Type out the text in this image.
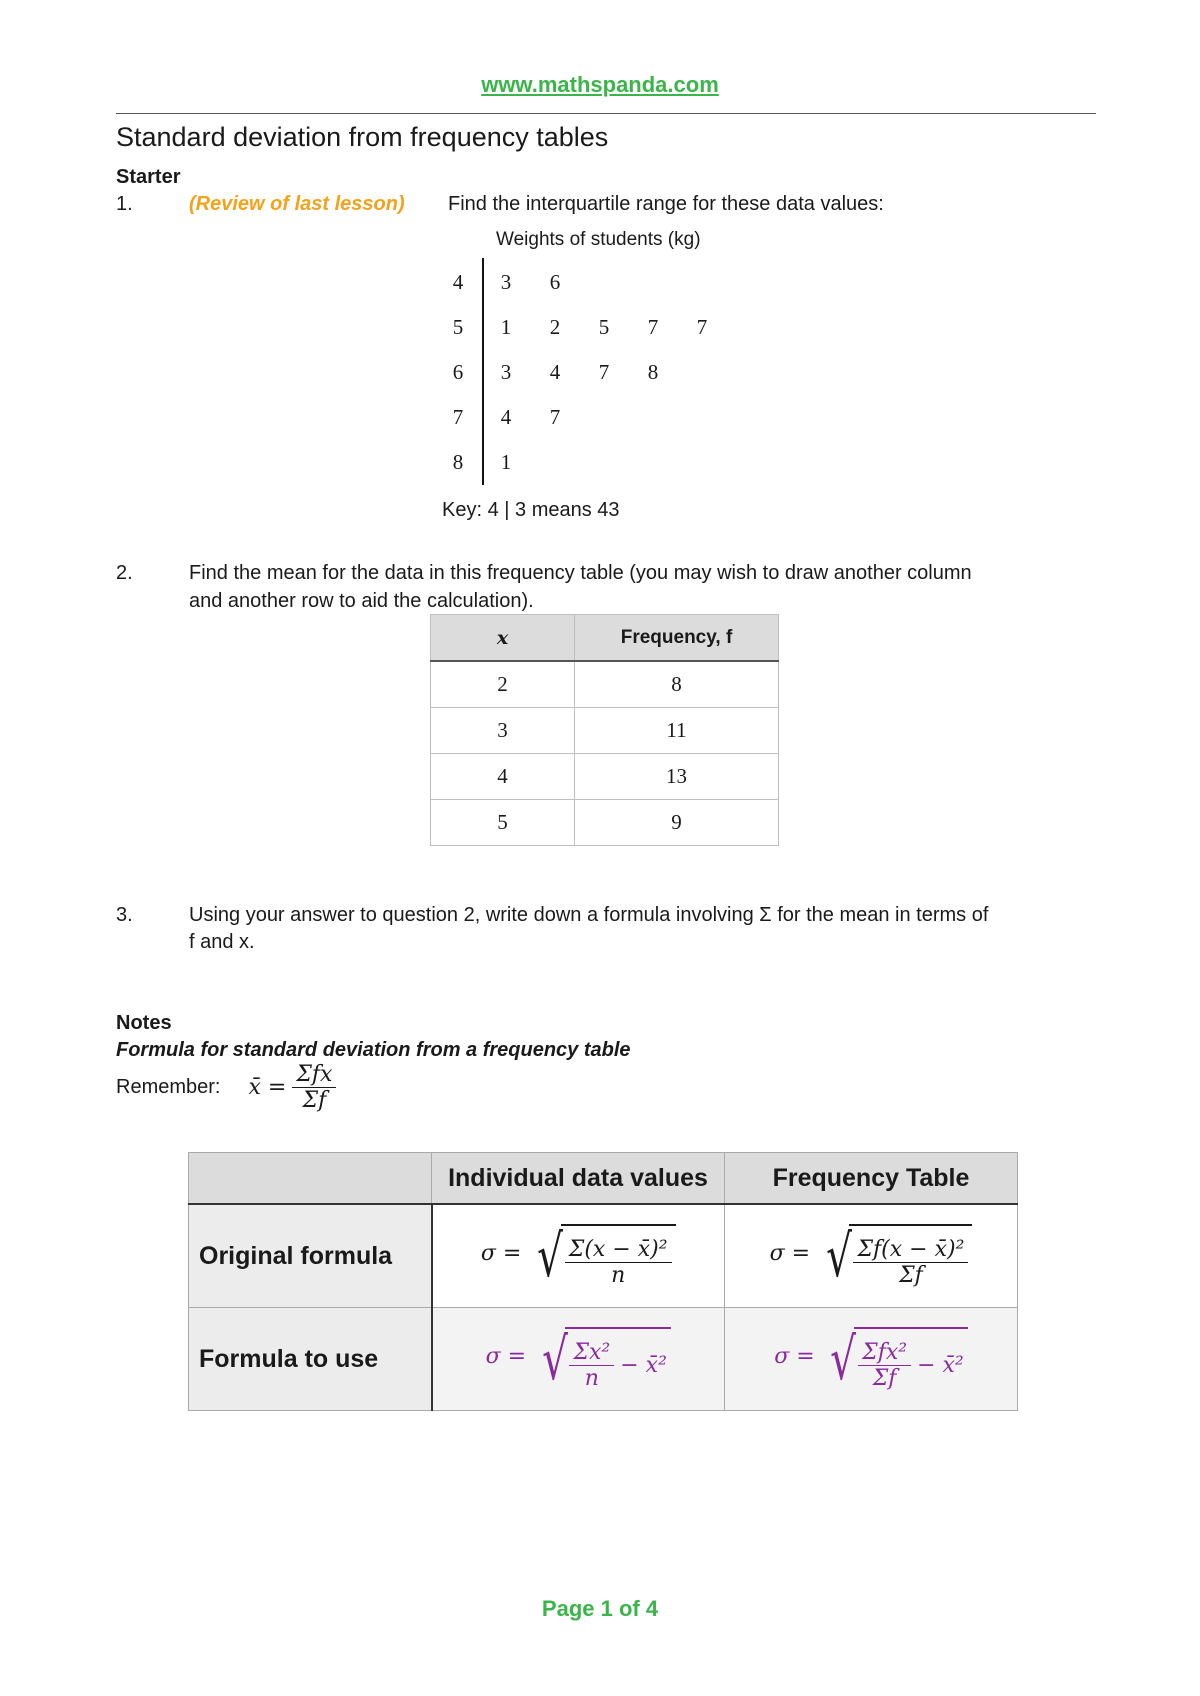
www.mathspanda.com
Standard deviation from frequency tables
Starter
1.	(Review of last lesson) Find the interquartile range for these data values:
Weights of students (kg)
4 3 6
5 1 2 5 7 7
6 3 4 7 8
7 4 7
8 1
Key: 4 | 3 means 43
2.	Find the mean for the data in this frequency table (you may wish to draw another column
and another row to aid the calculation).
x	Frequency, f
2	8
3	11
4	13
5	9
3.	Using your answer to question 2, write down a formula involving Σ for the mean in terms of
f and x.
Notes
Formula for standard deviation from a frequency table
Remember: x̄ = $\frac{\text{Σfx}}{\Sigma f}$
	Individual data values	Frequency Table
Original formula	σ = √ $\frac{\text{Σ(x − x̄)²}}{n}$	σ = √ $\frac{\text{Σf(x − x̄)²}}{\Sigma f}$

Formula to use	σ = √ $\frac{\text{Σx²}}{n}$ − x̄²	σ = √ $\frac{\text{Σfx²}}{\Sigma f}$ − x̄²
Page 1 of 4
